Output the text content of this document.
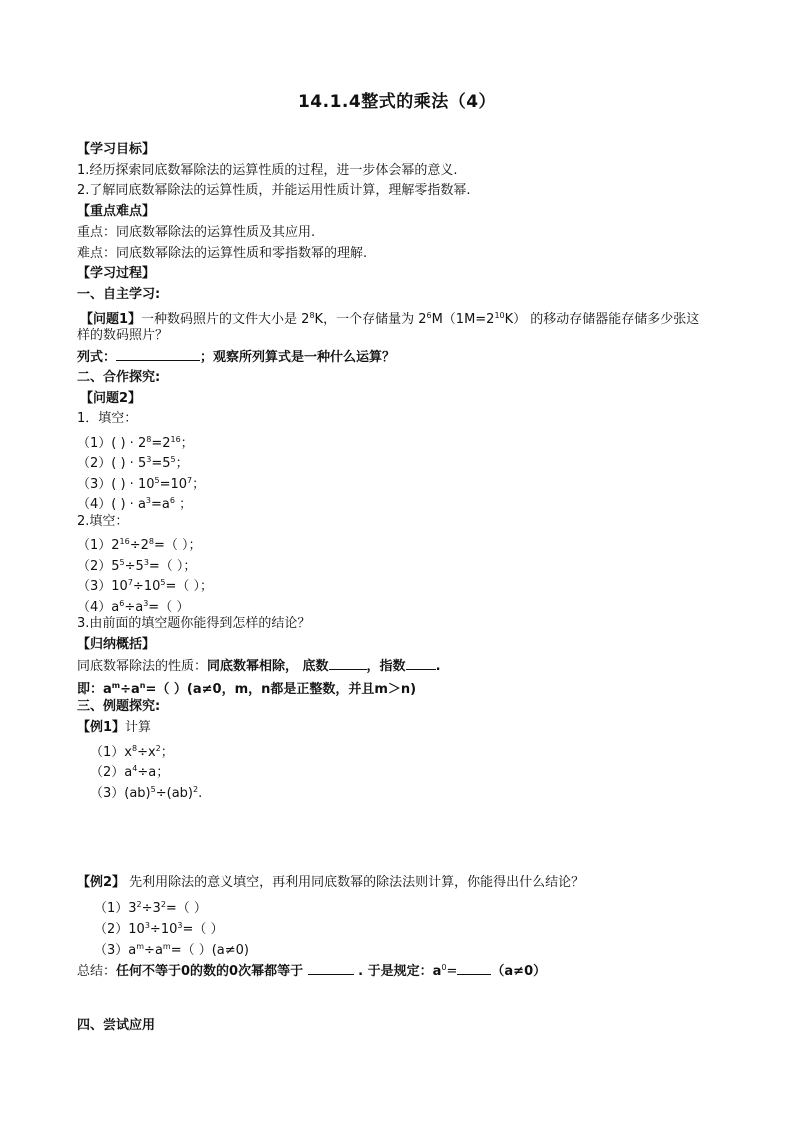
14.1.4整式的乘法（4）
【学习目标】
1.经历探索同底数幂除法的运算性质的过程，进一步体会幂的意义.
2.了解同底数幂除法的运算性质，并能运用性质计算，理解零指数幂.
【重点难点】
重点：同底数幂除法的运算性质及其应用.
难点：同底数幂除法的运算性质和零指数幂的理解.
【学习过程】
一、自主学习:
【问题1】一种数码照片的文件大小是 $2^8K$，一个存储量为 $2^6M(1M=2^{10}K)$ 的移动存储器能存储多少张这
样的数码照片？
列式：	；观察所列算式是一种什么运算？
二、合作探究:
【问题2】
1．填空：
（1）( ) · $2^8=2^{16}$；
（2）( ) · $5^3=5^5$；
（3）( ) · $10^5=10^7$；
（4）( ) · $a^3=a^6$ ；
2.填空：
$(1)2^{16}\div 2^8=$（ ）；
$(2)5^5\div 5^3=$（ ）；
$(3)10^7\div 10^5=$（ ）；
$(4)a^6\div a^3=$（ ）
3.由前面的填空题你能得到怎样的结论？
【归纳概括】
同底数幂除法的性质：同底数幂相除， 底数	，指数 .
即：$a^m\div a^n=$（ ）(a≠0，m，n都是正整数，并且m＞n)
三、例题探究:
【例1】计算
$(1)x^8\div x^2$；
$(2)a^4\div a$；
（3）(ab)$^5$÷(ab)$^2$.
【例2】 先利用除法的意义填空，再利用同底数幂的除法法则计算，你能得出什么结论？
$(1)3^2\div 3^2=$（ ）
$(2)10^3\div 10^3=$（ ）
$(3)a^m\div a^m=$（ ）(a≠0)
总结：任何不等于0的数的0次幂都等于	. 于是规定：$a^0=$	（a≠0）
四、尝试应用
